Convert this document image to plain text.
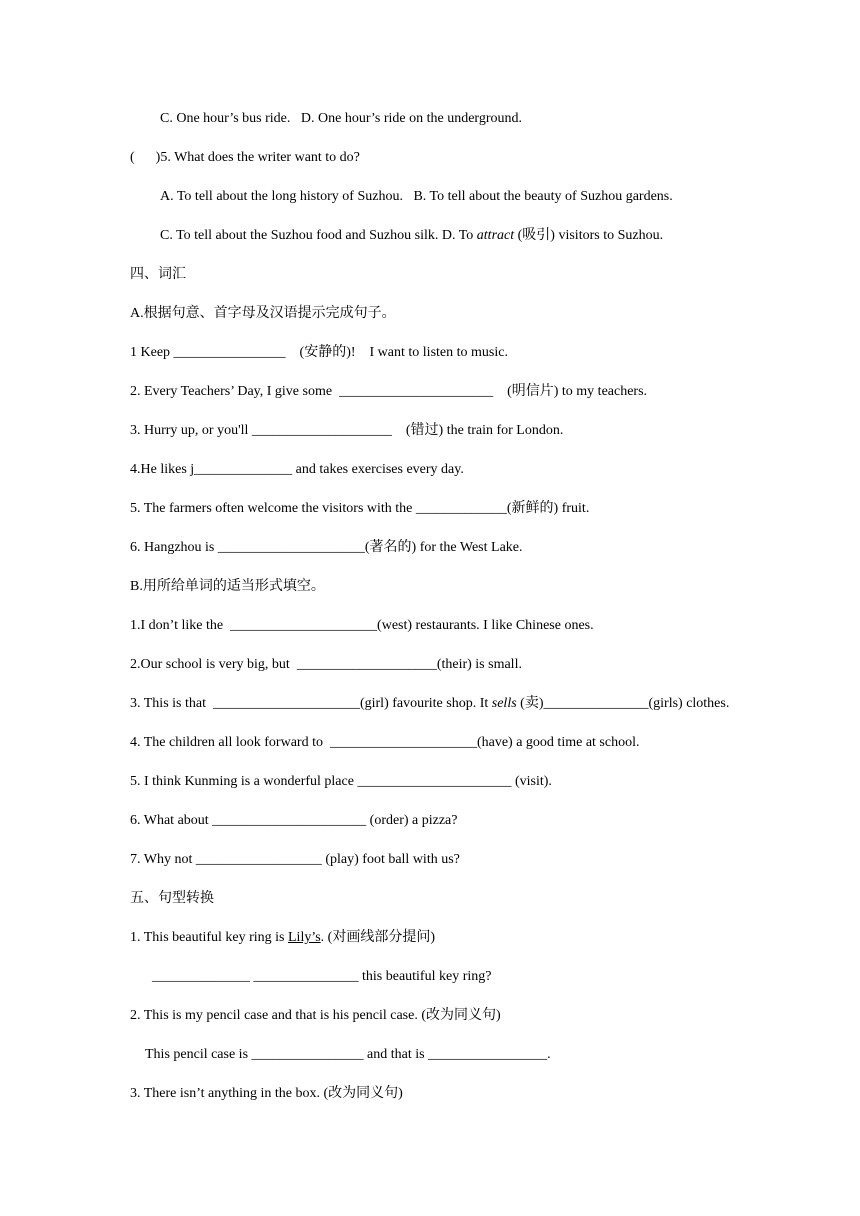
C. One hour’s bus ride.   D. One hour’s ride on the underground.
(      )5. What does the writer want to do?
A. To tell about the long history of Suzhou.   B. To tell about the beauty of Suzhou gardens.
C. To tell about the Suzhou food and Suzhou silk. D. To attract (吸引) visitors to Suzhou.
四、词汇
A.根据句意、首字母及汉语提示完成句子。
1 Keep ________________    (安静的)!    I want to listen to music.
2. Every Teachers’ Day, I give some  ______________________    (明信片) to my teachers.
3. Hurry up, or you'll ____________________    (错过) the train for London.
4.He likes j______________ and takes exercises every day.
5. The farmers often welcome the visitors with the _____________(新鲜的) fruit.
6. Hangzhou is _____________________(著名的) for the West Lake.
B.用所给单词的适当形式填空。
1.I don’t like the  _____________________(west) restaurants. I like Chinese ones.
2.Our school is very big, but  ____________________(their) is small.
3. This is that  _____________________(girl) favourite shop. It sells (卖)_______________(girls) clothes.
4. The children all look forward to  _____________________(have) a good time at school.
5. I think Kunming is a wonderful place ______________________ (visit).
6. What about ______________________ (order) a pizza?
7. Why not __________________ (play) foot ball with us?
五、句型转换
1. This beautiful key ring is Lily’s. (对画线部分提问)
______________ _______________ this beautiful key ring?
2. This is my pencil case and that is his pencil case. (改为同义句)
This pencil case is ________________ and that is _________________.
3. There isn’t anything in the box. (改为同义句)
